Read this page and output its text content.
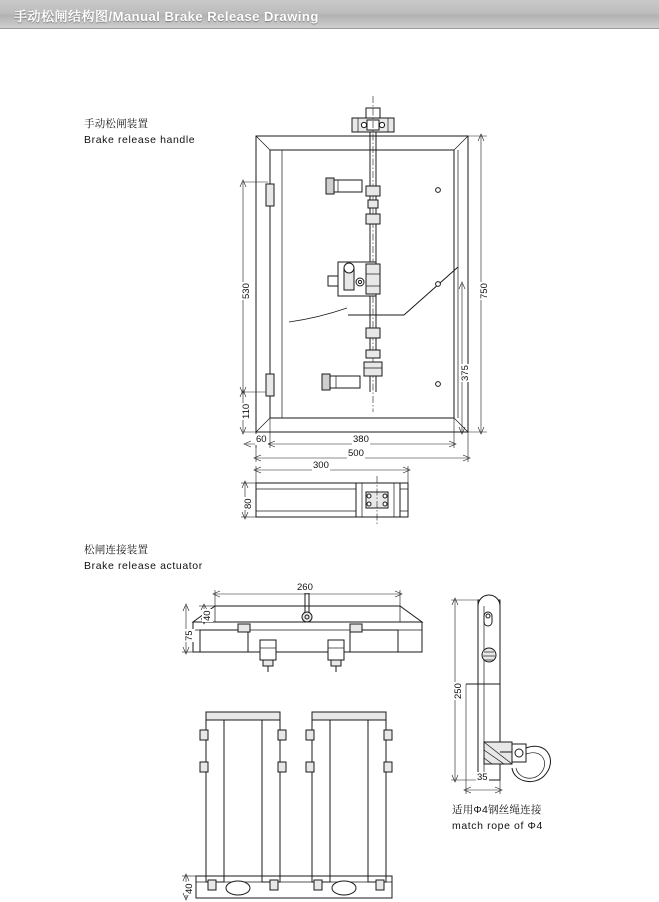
手动松闸结构图/Manual Brake Release Drawing
手动松闸装置
Brake release handle
530
110
750
375
60	380
500
300
80
松闸连接装置
Brake release actuator
260
40
75
250
35
40
适用Φ4钢丝绳连接
match rope of Φ4
